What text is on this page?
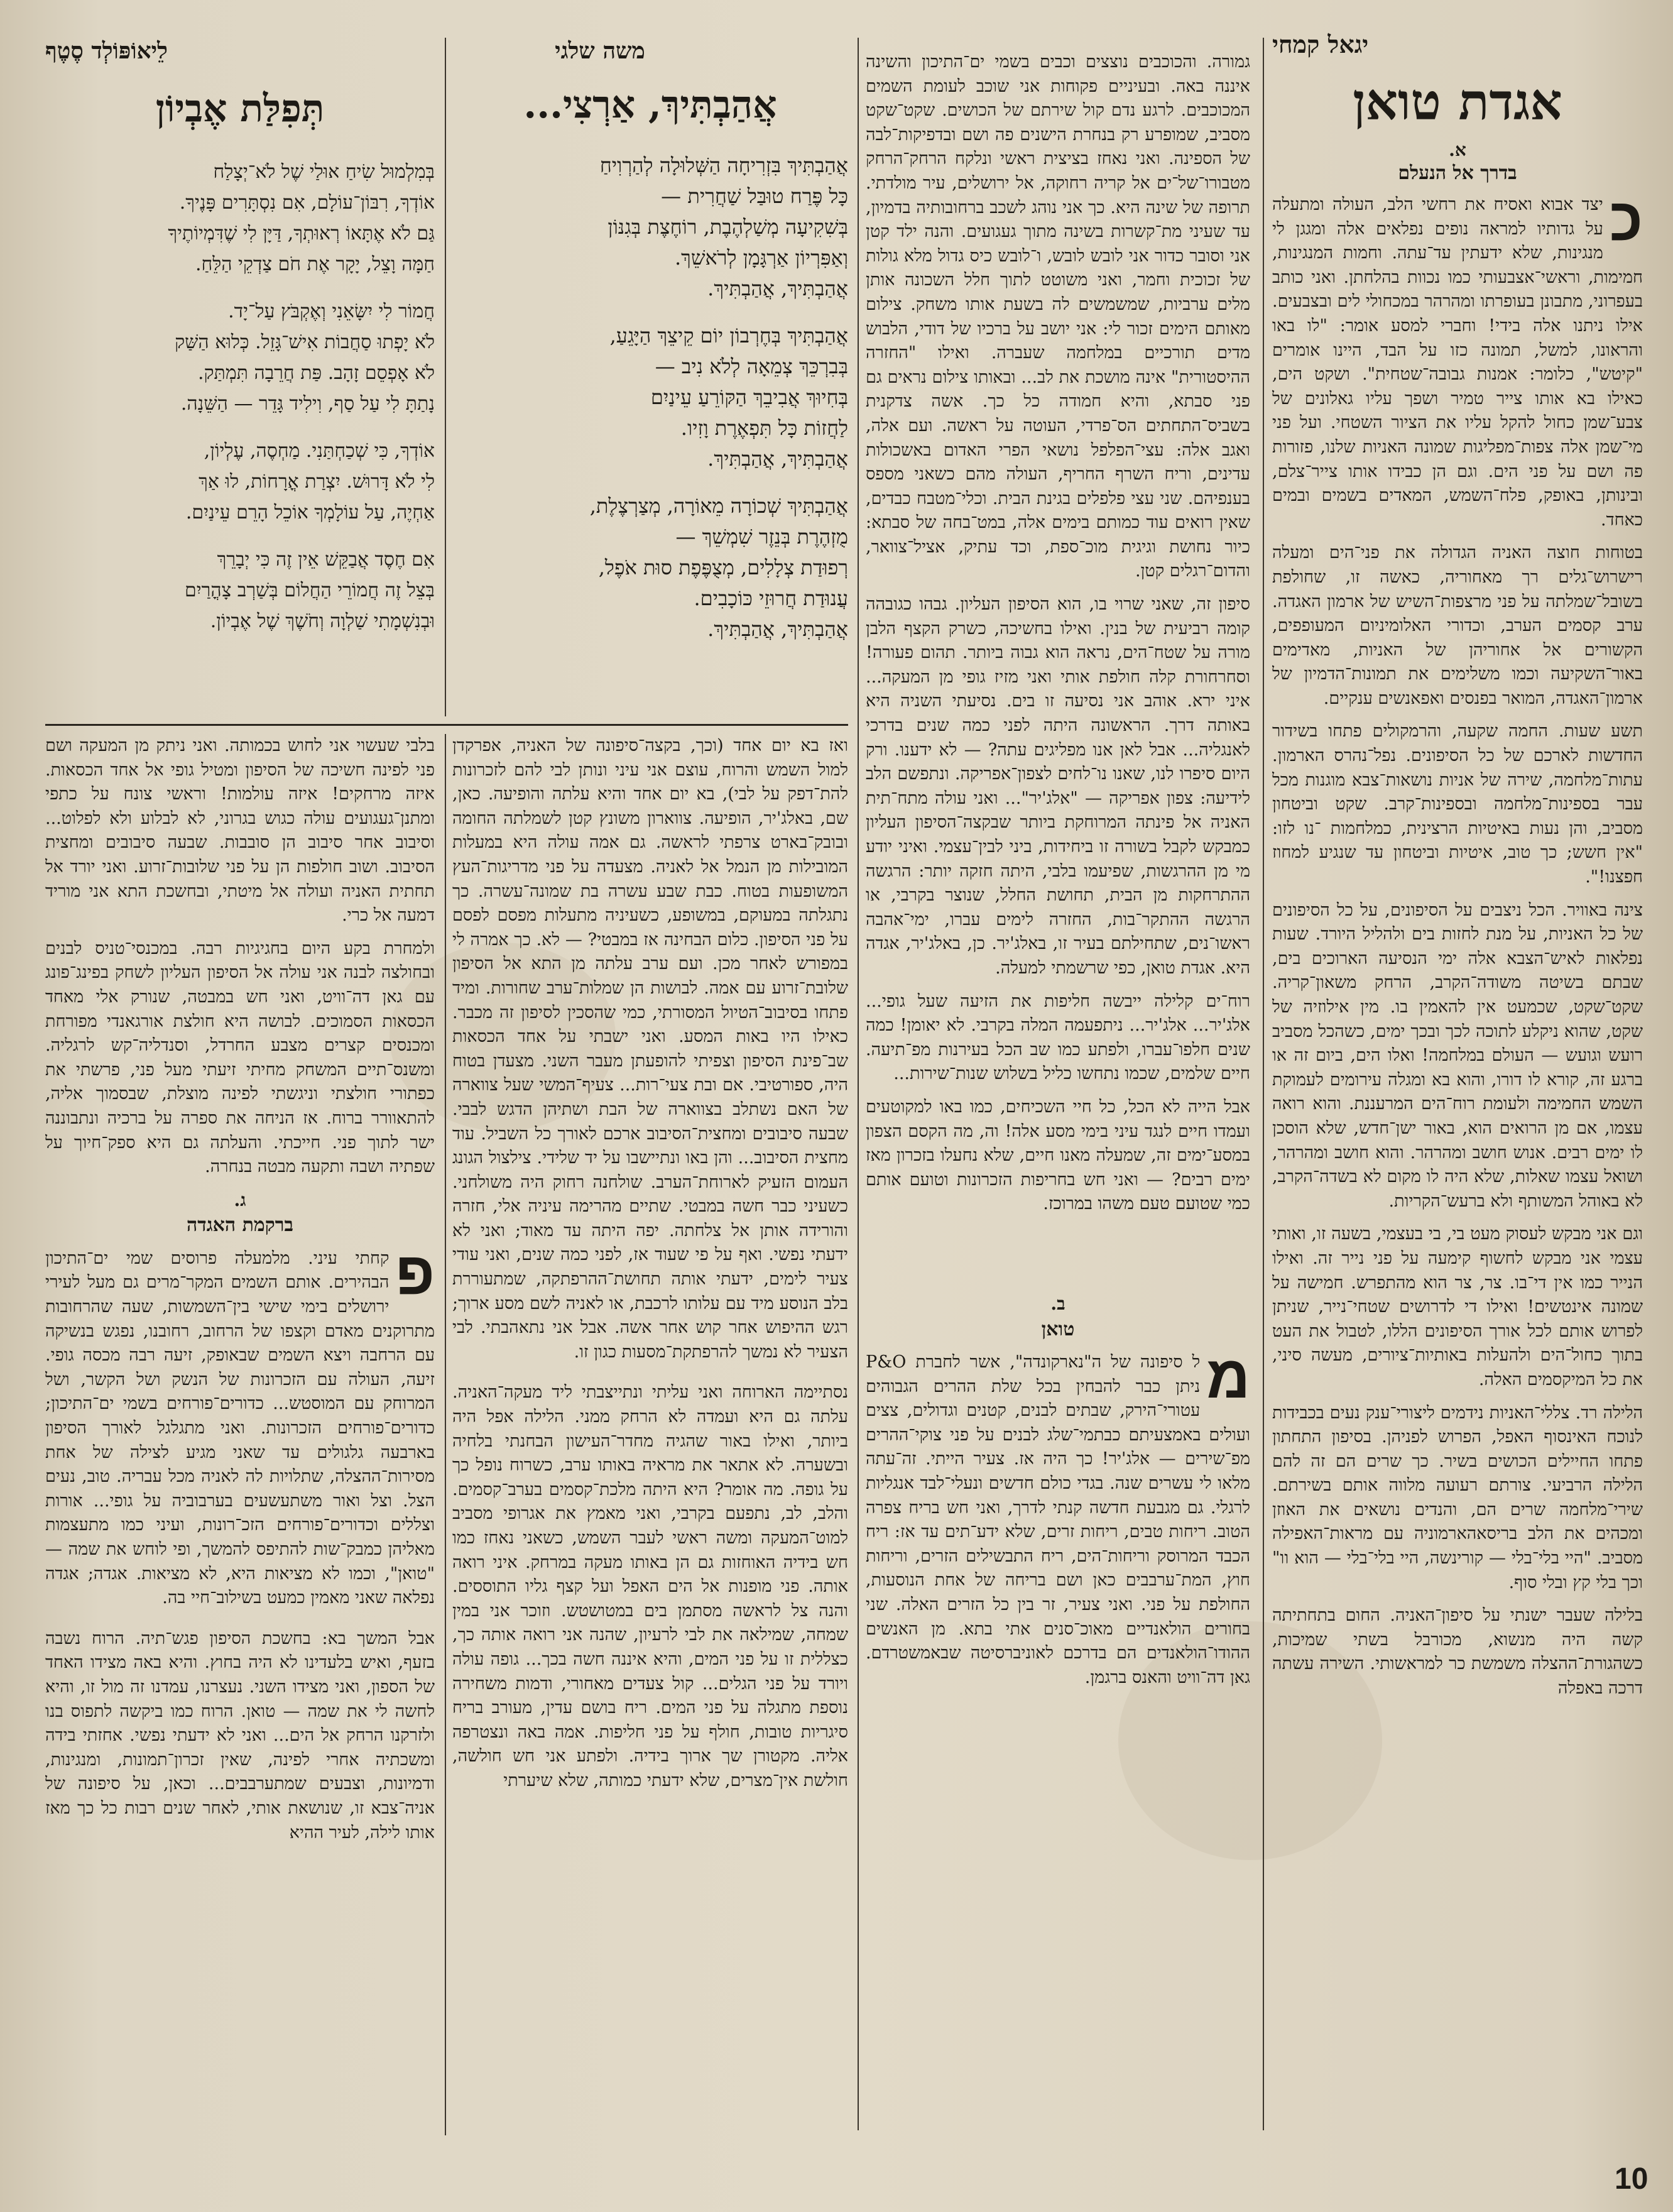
יגאל קמחי
אגדת טואן
א.
בדרך אל הנעלם
כ

יצד אבוא ואסיח את רחשי הלב, העולה ומתעלה על גדותיו למראה נופים נפלאים אלה ומגגן לי מנגינות, שלא ידעתין עד־עתה. וחמות המנגינות, חמימות, וראשי־אצבעותי כמו נכוות בהלחתן. ואני כותב בעפרוני, מתבונן בעופרתו ומהרהר במכחולי לים ובצבעים. אילו ניתנו אלה בידי! וחברי למסע אומר: "לו באו והראונו, למשל, תמונה כזו על הבד, היינו אומרים "קיטש", כלומר: אמנות גבובה־שטחית". ושקט הים, כאילו בא אותו צייר טמיר ושפך עליו גאלונים של צבע־שמן כחול להקל עליו את הציור השטחי. ועל פני מי־שמן אלה צפות־מפליגות שמונה האניות שלנו, פזורות פה ושם על פני הים. וגם הן כבידו אותו צייר־צלם, ובינותן, באופק, פלח־השמש, המאדים בשמים ובמים כאחד.

בטוחות חוצה האניה הגדולה את פני־הים ומעלה רישרוש־גלים רך מאחוריה, כאשה זו, שחולפת בשובל־שמלתה על פני מרצפות־השיש של ארמון האגדה. ערב קסמים הערב, וכדורי האלומיניום המעופפים, הקשורים אל אחוריהן של האניות, מאדימים באור־השקיעה וכמו משלימים את תמונות־הדמיון של ארמון־האגדה, המואר בפנסים ואפאנשים ענקיים.

תשע שעות. החמה שקעה, והרמקולים פתחו בשידור החדשות לארכם של כל הסיפונים. נפל־נהרס הארמון. עתות־מלחמה, שירה של אניות נושאות־צבא מוגנות מכל עבר בספינות־מלחמה ובספינות־קרב. שקט וביטחון מסביב, והן נעות באיטיות הרצינית, כמלחמות ־נו לזו: "אין חשש; כך טוב, איטיות וביטחון עד שנגיע למחוז חפצנו!".

צינה באוויר. הכל ניצבים על הסיפונים, על כל הסיפונים של כל האניות, על מנת לחזות בים ולהליל היורד. שעות נפלאות לאיש־הצבא אלה ימי הנסיעה הארוכים בים, שבתם בשיטה משודה־הקרב, הרחק משאון־קריה. שקט־שקט, שכמעט אין להאמין בו. מין אילוזיה של שקט, שהוא ניקלע לתוכה לכך ובכך ימים, כשהכל מסביב רועש וגועש — העולם במלחמה! ואלו הים, ביום זה או ברגע זה, קורא לו דורו, והוא בא ומגלה עירומים לעמוקת השמש החמימה ולעומת רוח־הים המרעננת. והוא רואה עצמו, אם מן הרואים הוא, באור ישן־חדש, שלא הוסכן לו ימים רבים. אנוש חושב ומהרהר. והוא חושב ומהרהר, ושואל עצמו שאלות, שלא היה לו מקום לא בשדה־הקרב, לא באוהל המשותף ולא ברעש־הקריות.

וגם אני מבקש לעסוק מעט בי, בי בעצמי, בשעה זו, ואותי עצמי אני מבקש לחשוף קימעה על פני נייר זה. ואילו הנייר כמו אין די־בו. צר, צר הוא מהתפרש. חמישה על שמונה אינטשים! ואילו די לדרושים שטחי־נייר, שניתן לפרוש אותם לכל אורך הסיפונים הללו, לטבול את העט בתוך כחול־הים ולהעלות באותיות־ציורים, מעשה סיני, את כל המיקסמים האלה.

הלילה רד. צללי־האניות נידמים ליצורי־ענק נעים בכבידות לנוכח האינסוף האפל, הפרוש לפניהן. בסיפון התחתון פתחו החיילים הכושים בשיר. כך שרים הם זה להם הלילה הרביעי. צורתם רעועה מלווה אותם בשירתם. שירי־מלחמה שרים הם, והנדים נושאים את האוזן ומכהים את הלב בריסאהארמוניה עם מראות־האפילה מסביב. "היי בלי־בלי — קורינשה, היי בלי־בלי — הוא וו" וכך בלי קץ ובלי סוף.

בלילה שעבר ישנתי על סיפון־האניה. החום בתחתיתה קשה היה מנשוא, מכורבל בשתי שמיכות, כשהגורת־ההצלה משמשת כר למראשותי. השירה עשתה דרכה באפלה

גמורה. והכוכבים נוצצים וכבים בשמי ים־התיכון והשינה איננה באה. ובעיניים פקוחות אני שוכב לעומת השמים המכוכבים. לרגע נדם קול שירתם של הכושים. שקט־שקט מסביב, שמופרע רק בנחרת הישנים פה ושם ובדפיקות־לבה של הספינה. ואני נאחז בציצית ראשי ונלקח הרחק־הרחק מטבורו־של־ים אל קריה רחוקה, אל ירושלים, עיר מולדתי. תרופה של שינה היא. כך אני נוהג לשכב ברחובותיה בדמיון, עד שעיני מת־קשרות בשינה מתוך געגועים. והנה ילד קטן אני וסובר כדור אני לובש לובש, ו־לובש כיס גדול מלא גולות של זכוכית וחמר, ואני משוטט לתוך חלל השכונה אותן מלים ערביות, שמשמשים לה בשעת אותו משחק. צילום מאותם הימים זכור לי: אני יושב על ברכיו של דודי, הלבוש מדים תורכיים במלחמה שעברה. ואילו "החזרה ההיסטורית" אינה מושכת את לב... ובאותו צילום נראים גם פני סבתא, והיא חמודה כל כך. אשה צדקנית בשביס־התחתים הס־פרדי, העוטה על ראשה. ועם אלה, ואגב אלה: עצי־הפלפל נושאי הפרי האדום באשכולות עדינים, וריח השרף החריף, העולה מהם כשאני מספס בענפיהם. שני עצי פלפלים בגינת הבית. וכלי־מטבח כבדים, שאין רואים עוד כמותם בימים אלה, במט־בחה של סבתא: כיור נחושת וגיגית מוכ־ספת, וכד עתיק, אציל־צוואר, והדום־רגלים קטן.

סיפון זה, שאני שרוי בו, הוא הסיפון העליון. גבהו כגובהה קומה רביעית של בנין. ואילו בחשיכה, כשרק הקצף הלבן מורה על שטח־הים, נראה הוא גבוה ביותר. תהום פעורה! וסחרחורת קלה חולפת אותי ואני מזיז גופי מן המעקה... איני ירא. אוהב אני נסיעה זו בים. נסיעתי השניה היא באותה דרך. הראשונה היתה לפני כמה שנים בדרכי לאנגליה... אבל לאן אנו מפליגים עתה? — לא ידענו. ורק היום סיפרו לנו, שאנו נו־לחים לצפון־אפריקה. ונתפשם הלב לידיעה: צפון אפריקה — "אלג'יר"... ואני עולה מתח־תית האניה אל פינתה המרוחקת ביותר שבקצה־הסיפון העליון כמבקש לקבל בשורה זו ביחידות, ביני לבין־עצמי. ואיני יודע מי מן ההרגשות, שפיעמו בלבי, היתה חזקה יותר: הרגשה ההתרחקות מן הבית, תחושת החלל, שנוצר בקרבי, או הרגשה ההתקר־בות, החזרה לימים עברו, ימי־אהבה ראשו־נים, שתחילתם בעיר זו, באלג'יר. כן, באלג'יר, אגדה היא. אגדת טואן, כפי שרשמתי למעלה.

רוח־ים קלילה ייבשה חליפות את הזיעה שעל גופי... אלג'יר... אלג'יר... ניתפעמה המלה בקרבי. לא יאומן! כמה שנים חלפו־עברו, ולפתע כמו שב הכל בעירנות מפ־תיעה. חיים שלמים, שכמו נתחשו כליל בשלוש שנות־שירות...

אבל הייה לא הכל, כל חיי השכיחים, כמו באו למקוטעים ועמדו חיים לנגד עיני בימי מסע אלה! וה, מה הקסם הצפון במסע־ימים זה, שמעלה מאנו חיים, שלא נחעלו בזכרון מאז ימים רבים? — ואני חש בחריפות הזכרונות וטועם אותם כמי שטועם טעם משהו במרוכז.

ב.
טואן
מ

ל סיפונה של ה"נארקונדה", אשר לחברת P&O ניתן כבר להבחין בכל שלת ההרים הגבוהים עטורי־הירק, שבתים לבנים, קטנים וגדולים, צצים ועולים באמצעיתם כבתמי־שלג לבנים על פני צוקי־ההרים מפ־שירים — אלג'יר! כך היה אז. צעיר הייתי. זה־עתה מלאו לי עשרים שנה. בגדי כולם חדשים ונעלי־לבד אנגליות לרגלי. גם מגבעת חדשה קנתי לדרך, ואני חש בריח צפרה הטוב. ריחות טבים, ריחות זרים, שלא ידע־תים עד אז: ריח הכבד המרוסק וריחות־הים, ריח התבשילים הזרים, וריחות חוץ, המת־ערבבים כאן ושם בריחה של אחת הנוסעות, החולפת על פני. ואני צעיר, זר בין כל הזרים האלה. שני בחורים הולאנדיים מאוכ־סנים אתי בתא. מן האנשים ההודו־הולאנדים הם בדרכם לאוניברסיטה שבאמשטרדם. גאן דה־וויט והאנס ברגמן.

משה שלגי
אֲהַבְתִּיךְ, אַרְצִי...
אֲהַבְתִּיךְ בִּזְרִיחָה הַשְּׁלוּלָה לְהַרְוִיחַ
כָּל פֶּרַח טוּבַּל שַׁחֲרִית —
בְּשִׁקִיעָה מְשַׁלְהֶבֶת, רוֹחֶצֶת בְּגִנּוֹן
וְאַפִּרְיוֹן אַרְגָּמָן לְרֹאשֵׁךְ.
אֲהַבְתִּיךְ, אֲהַבְתִּיךְ.
אֲהַבְתִּיךְ בְּחֶרְבוֹן יוֹם קֵיצֵךְ הַיָּגֵעַ,
בְּבִרְכֵּךְ צְמֵאָה לְלֹא נִיב —
בְּחִיוּךְ אֲבִיבֵךְ הַקּוֹרֵעַ עֵינַיִם
לַחֲזוֹת כָּל תִּפְאֶרֶת וָזִיו.
אֲהַבְתִּיךְ, אֲהַבְתִּיךְ.
אֲהַבְתִּיךְ שְׁכוֹרָה מֵאוֹרָה, מְצַרְצֶלֶת,
מֻזְהֶרֶת בְּנֵזֶר שִׁמְשֵׁךְ —
רְפוּדַת צְלָלִים, מְצֻפֶּפֶת סוּת אֹפֶל,
עֲנוּדַת חֲרוּזֵי כּוֹכָבִים.
אֲהַבְתִּיךְ, אֲהַבְתִּיךְ.
לֵיאוֹפּוֹלְד סֶטֶף
תְּפִלַּת אֶבְיוֹן
בְּמִלְמוּל שִׂיחַ אוּלַי שֶׁל לֹא־יְצָלַח
אוֹדְךָ, רִבּוֹן־עוֹלָם, אִם נִסְתָּרִים פָּנֶיךָ.
גַּם לֹא אֶתָּאוֹ רְאוּתְךָ, דַּיָּן לִי שֶׁדִּמְיוֹתֶיךָ
חַמָּה וָצֵל, יָקָר אֶת חֹם צַדְקֵי הַלֵּחַ.
חֲמוֹר לִי יִשָּׂאֵנִי וְאֶקְבֹּץ עַל־יָד.
לֹא יָפְתוּ סַחֲבוֹת אִישׁ־גָּזֵל. כְּלוּא הַשַּׁק
לֹא אָפְסֵם זָהָב. פַּת חֲרֵבָה תִּמְתַּק.
נָתַתָּ לִי עַל סַף, וִילִיד גָּדֵר — הַשֵּׁנָה.
אוֹדְךָ, כִּי שְׁכַחְתַּנִי. מַחְסֶה, עֶלְיוֹן,
לִי לֹא דָּרוּשׁ. יִצְרַת אֳרָחוֹת, לוּ אַךְ
אַחְיֶה, עַל עוֹלָמְךָ אוֹכֵל הָרֵם עֵינַיִם.
אִם חֶסֶד אֲבַקֵּשׁ אֵין זֶה כִּי יְבָרֵךְ
בְּצֵל זֶה חֲמוֹרֵי הַחֲלוֹם בְּשַׁרְב צָהֳרַיִם
וּבְנִשְׁמָתִי שַׁלְוָה וְחֹשֶׁךְ שֶׁל אֶבְיוֹן.

ואז בא יום אחד (וכך, בקצה־סיפונה של האניה, אפרקדן למול השמש והרוח, עוצם אני עיני ונותן לבי להם לזכרונות להת־דפק על לבי), בא יום אחד והיא עלתה והופיעה. כאן, שם, באלג'יר, הופיעה. צווארון משונץ קטן לשמלתה החומה ובובק־בארט צרפתי לראשה. גם אמה עולה היא במעלות המובילות מן הנמל אל לאניה. מצעדה על פני מדריגות־העץ המשופעות בטוח. כבת שבע עשרה בת שמונה־עשרה. כך נתגלתה במעוקם, במשופע, כשעיניה מתעלות מפסם לפסם על פני הסיפון. כלום הבחינה אז במבטי? — לא. כך אמרה לי במפורש לאחר מכן. ועם ערב עלתה מן התא אל הסיפון שלובת־זרוע עם אמה. לבושות הן שמלות־ערב שחורות. ומיד פתחו בסיבוב־הטיול המסורתי, כמי שהסכין לסיפון זה מכבר. כאילו היו באות המסע. ואני ישבתי על אחד הכסאות שב־פינת הסיפון וצפיתי להופעתן מעבר השני. מצעדן בטוח היה, ספורטיבי. אם ובת צעי־רות... צעיף־המשי שעל צווארה של האם נשתלב בצווארה של הבת ושתיהן הדגש לבבי. שבעה סיבובים ומחצית־הסיבוב ארכם לאורך כל השביל. עוד מחצית הסיבוב... והן באו ונתיישבו על יד שלידי. צילצול הגונג העמום הזעיק לארוחת־הערב. שולחנה רחוק היה משולחני. כשעיני כבר חשה במבטי. שתיים מהרימה עיניה אלי, חזרה והורידה אותן אל צלחתה. יפה היתה עד מאוד; ואני לא ידעתי נפשי. ואף על פי שעוד אז, לפני כמה שנים, ואני עודי צעיר לימים, ידעתי אותה תחושת־ההרפתקה, שמתעוררת בלב הנוסע מיד עם עלותו לרכבת, או לאניה לשם מסע ארוך; רגש ההיפוש אחר קוש אחר אשה. אבל אני נתאהבתי. לבי הצעיר לא נמשך להרפתקת־מסעות כגון זו.

נסתיימה הארוחה ואני עליתי ונתייצבתי ליד מעקה־האניה. עלתה גם היא ועמדה לא הרחק ממני. הלילה אפל היה ביותר, ואילו באור שהגיה מחדר־העישון הבחנתי בלחיה ובשערה. לא אתאר את מראיה באותו ערב, כשרוח נופל כך על גופה. מה אומר? היא היתה מלכת־קסמים בערב־קסמים. והלב, לב, נתפעם בקרבי, ואני מאמץ את אגרופי מסביב למוט־המעקה ומשה ראשי לעבר השמש, כשאני נאחז כמו חש בידיה האוחזות גם הן באותו מעקה במרחק. איני רואה אותה. פני מופנות אל הים האפל ועל קצף גליו התוססים. והנה צל לראשה מסתמן בים במטושטש. וזוכר אני במין שמחה, שמילאה את לבי לרעיון, שהנה אני רואה אותה כך, כצללית זו על פני המים, והיא איננה חשה בכך... גופה עולה ויורד על פני הגלים... קול צעדים מאחורי, ודמות משחירה נוספת מתגלה על פני המים. ריח בושם עדין, מעורב בריח סיגריות טובות, חולף על פני חליפות. אמה באה ונצטרפה אליה. מקטורן שך ארוך בידיה. ולפתע אני חש חולשה, חולשת אין־מצרים, שלא ידעתי כמותה, שלא שיערתי

בלבי שעשוי אני לחוש בכמותה. ואני ניתק מן המעקה ושם פני לפינה חשיכה של הסיפון ומטיל גופי אל אחד הכסאות. איזה מרחקים! איזה עולמות! וראשי צונח על כתפי ומתנן־געגועים עולה כגוש בגרוני, לא לבלוע ולא לפלוט... וסיבוב אחר סיבוב הן סובבות. שבעה סיבובים ומחצית הסיבוב. ושוב חולפות הן על פני שלובות־זרוע. ואני יורד אל תחתית האניה ועולה אל מיטתי, ובחשכת התא אני מוריד דמעה אל כרי.

ולמחרת בקע היום בחגיגיות רבה. במכנסי־טניס לבנים ובחולצה לבנה אני עולה אל הסיפון העליון לשחק בפינג־פונג עם גאן דה־וויט, ואני חש במבטה, שנורק אלי מאחד הכסאות הסמוכים. לבושה היא חולצת אורגאנדי מפורחת ומכנסים קצרים מצבע החרדל, וסנדליה־קש לרגליה. ומשנס־תיים המשחק מחיתי זיעתי מעל פני, פרשתי את כפתורי חולצתי וניגשתי לפינה מוצלת, שבסמוך אליה, להתאוורר ברוח. אז הניחה את ספרה על ברכיה ונתבוננה ישר לתוך פני. חייכתי. והעלתה גם היא ספק־חיוך על שפתיה ושבה ותקעה מבטה בנחרה.

ג.
ברקמת האגדה
פ

קחתי עיני. מלמעלה פרוסים שמי ים־התיכון הבהירים. אותם השמים המקר־מרים גם מעל לעירי ירושלים בימי שישי בין־השמשות, שעה שהרחובות מתרוקנים מאדם וקצפו של הרחוב, רחובנו, נפגש בנשיקה עם הרחבה ויצא השמים שבאופק, זיעה רבה מכסה גופי. זיעה, העולה עם הזכרונות של הנשק ושל הקשר, ושל המרוחק עם המוסטש... כדורים־פורחים בשמי ים־התיכון; כדורים־פורחים הזכרונות. ואני מתגלגל לאורך הסיפון בארבעה גלגולים עד שאני מגיע לצילה של אחת מסירות־ההצלה, שתלויות לה לאניה מכל עבריה. טוב, נעים הצל. וצל ואור משתעשעים בערבוביה על גופי... אורות וצללים וכדורים־פורחים הזכ־רונות, ועיני כמו מתעצמות מאליהן כמבק־שות להתיפס להמשך, ופי לוחש את שמה — "טואן", וכמו לא מציאות היא, לא מציאות. אגדה; אגדה נפלאה שאני מאמין כמעט בשילוב־חיי בה.

אבל המשך בא: בחשכת הסיפון פגש־תיה. הרוח נשבה בזעף, ואיש בלעדינו לא היה בחוץ. והיא באה מצידו האחד של הספון, ואני מצידו השני. נעצרנו, עמדנו זה מול זו, והיא לחשה לי את שמה — טואן. הרוח כמו ביקשה לתפוס בנו ולזרקנו הרחק אל הים... ואני לא ידעתי נפשי. אחזתי בידה ומשכתיה אחרי לפינה, שאין זכרון־תמונות, ומנגינות, ודמיונות, וצבעים שמתערבבים... וכאן, על סיפונה של אניה־צבא זו, שנושאת אותי, לאחר שנים רבות כל כך מאז אותו לילה, לעיר ההיא

10
